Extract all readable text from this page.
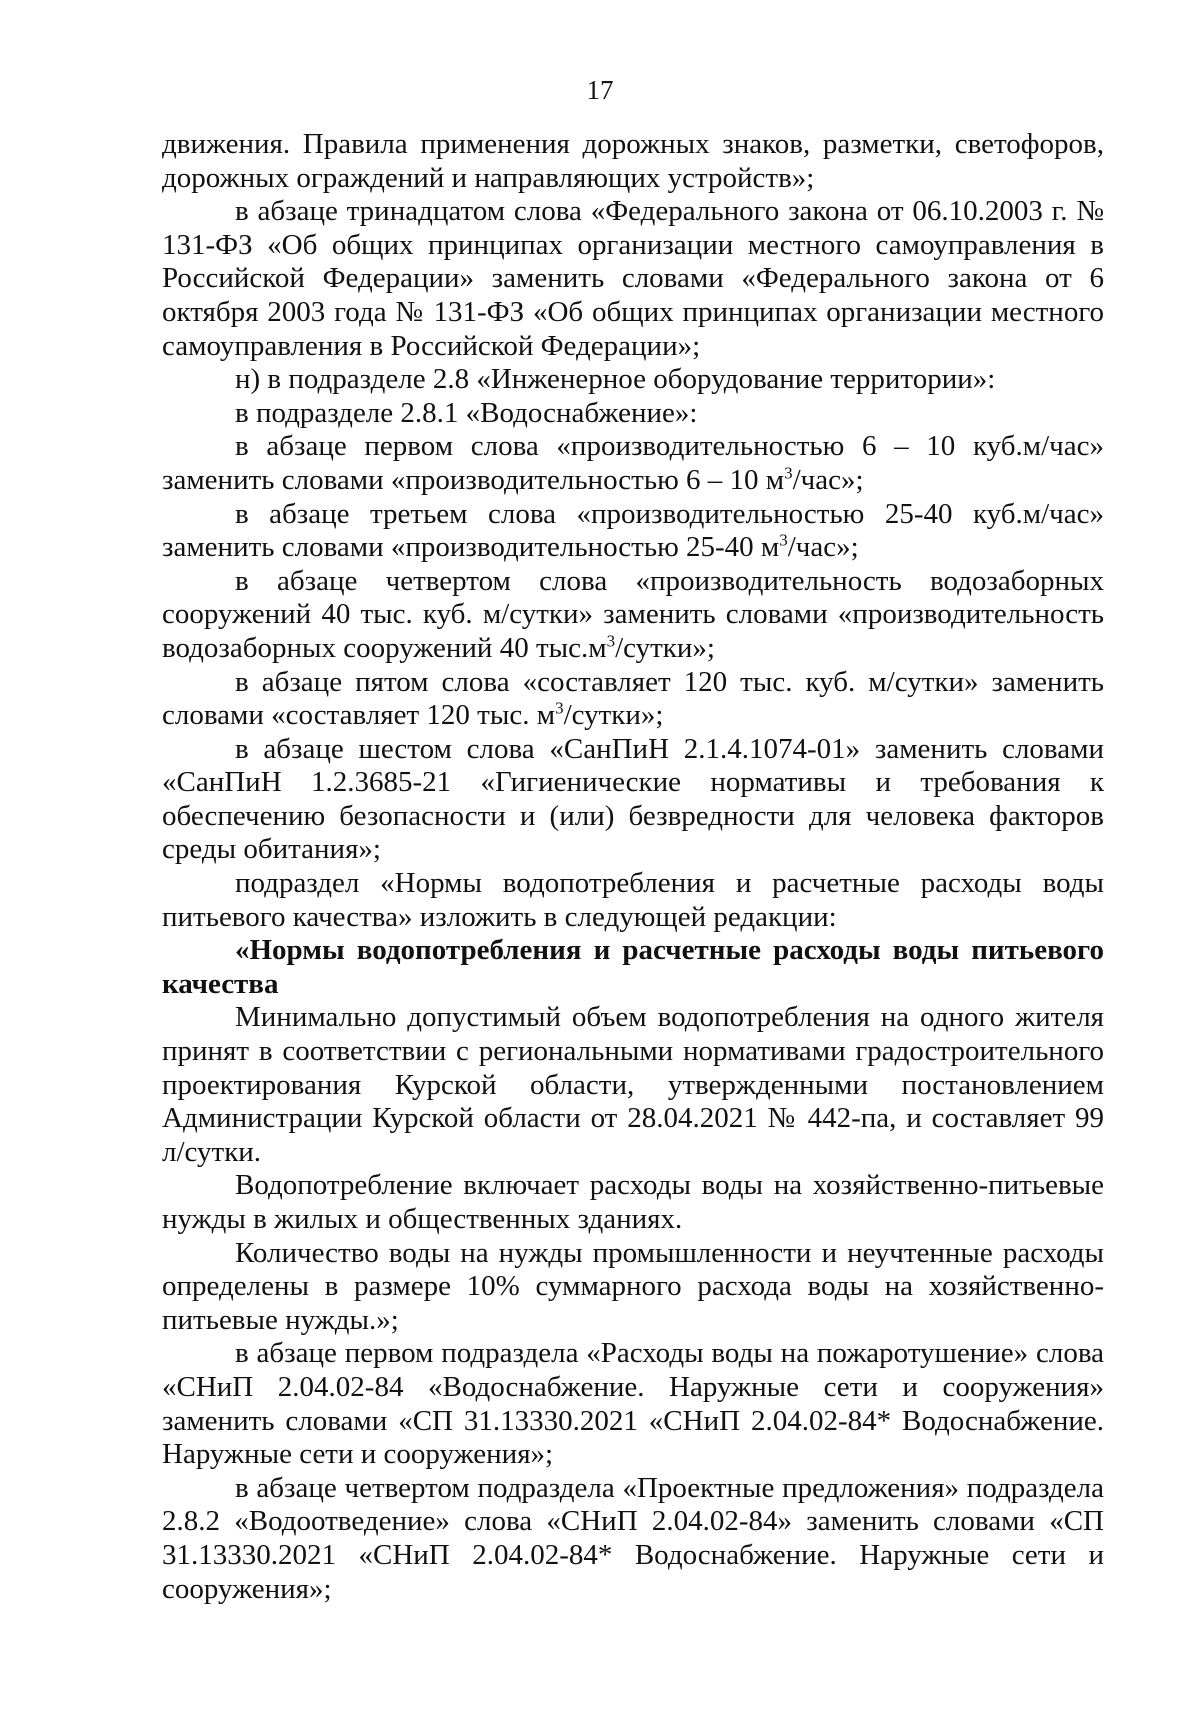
17

движения. Правила применения дорожных знаков, разметки, светофоров, дорожных ограждений и направляющих устройств»;

в абзаце тринадцатом слова «Федерального закона от 06.10.2003 г. № 131-ФЗ «Об общих принципах организации местного самоуправления в Российской Федерации» заменить словами «Федерального закона от 6 октября 2003 года № 131-ФЗ «Об общих принципах организации местного самоуправления в Российской Федерации»;

н) в подразделе 2.8 «Инженерное оборудование территории»:

в подразделе 2.8.1 «Водоснабжение»:

в абзаце первом слова «производительностью 6 – 10 куб.м/час» заменить словами «производительностью 6 – 10 $м^3$/час»;

в абзаце третьем слова «производительностью 25-40 куб.м/час» заменить словами «производительностью 25-40 $м^3$/час»;

в абзаце четвертом слова «производительность водозаборных сооружений 40 тыс. куб. м/сутки» заменить словами «производительность водозаборных сооружений 40 $тыс.м^3$/сутки»;

в абзаце пятом слова «составляет 120 тыс. куб. м/сутки» заменить словами «составляет 120 тыс. $м^3$/сутки»;

в абзаце шестом слова «СанПиН 2.1.4.1074-01» заменить словами «СанПиН 1.2.3685-21 «Гигиенические нормативы и требования к обеспечению безопасности и (или) безвредности для человека факторов среды обитания»;

подраздел «Нормы водопотребления и расчетные расходы воды питьевого качества» изложить в следующей редакции:

«Нормы водопотребления и расчетные расходы воды питьевого качества

Минимально допустимый объем водопотребления на одного жителя принят в соответствии с региональными нормативами градостроительного проектирования Курской области, утвержденными постановлением Администрации Курской области от 28.04.2021 № 442-па, и составляет 99 л/сутки.

Водопотребление включает расходы воды на хозяйственно-питьевые нужды в жилых и общественных зданиях.

Количество воды на нужды промышленности и неучтенные расходы определены в размере 10% суммарного расхода воды на хозяйственно-питьевые нужды.»;

в абзаце первом подраздела «Расходы воды на пожаротушение» слова «СНиП 2.04.02-84 «Водоснабжение. Наружные сети и сооружения» заменить словами «СП 31.13330.2021 «СНиП 2.04.02-84* Водоснабжение. Наружные сети и сооружения»;

в абзаце четвертом подраздела «Проектные предложения» подраздела 2.8.2 «Водоотведение» слова «СНиП 2.04.02-84» заменить словами «СП 31.13330.2021 «СНиП 2.04.02-84* Водоснабжение. Наружные сети и сооружения»;
